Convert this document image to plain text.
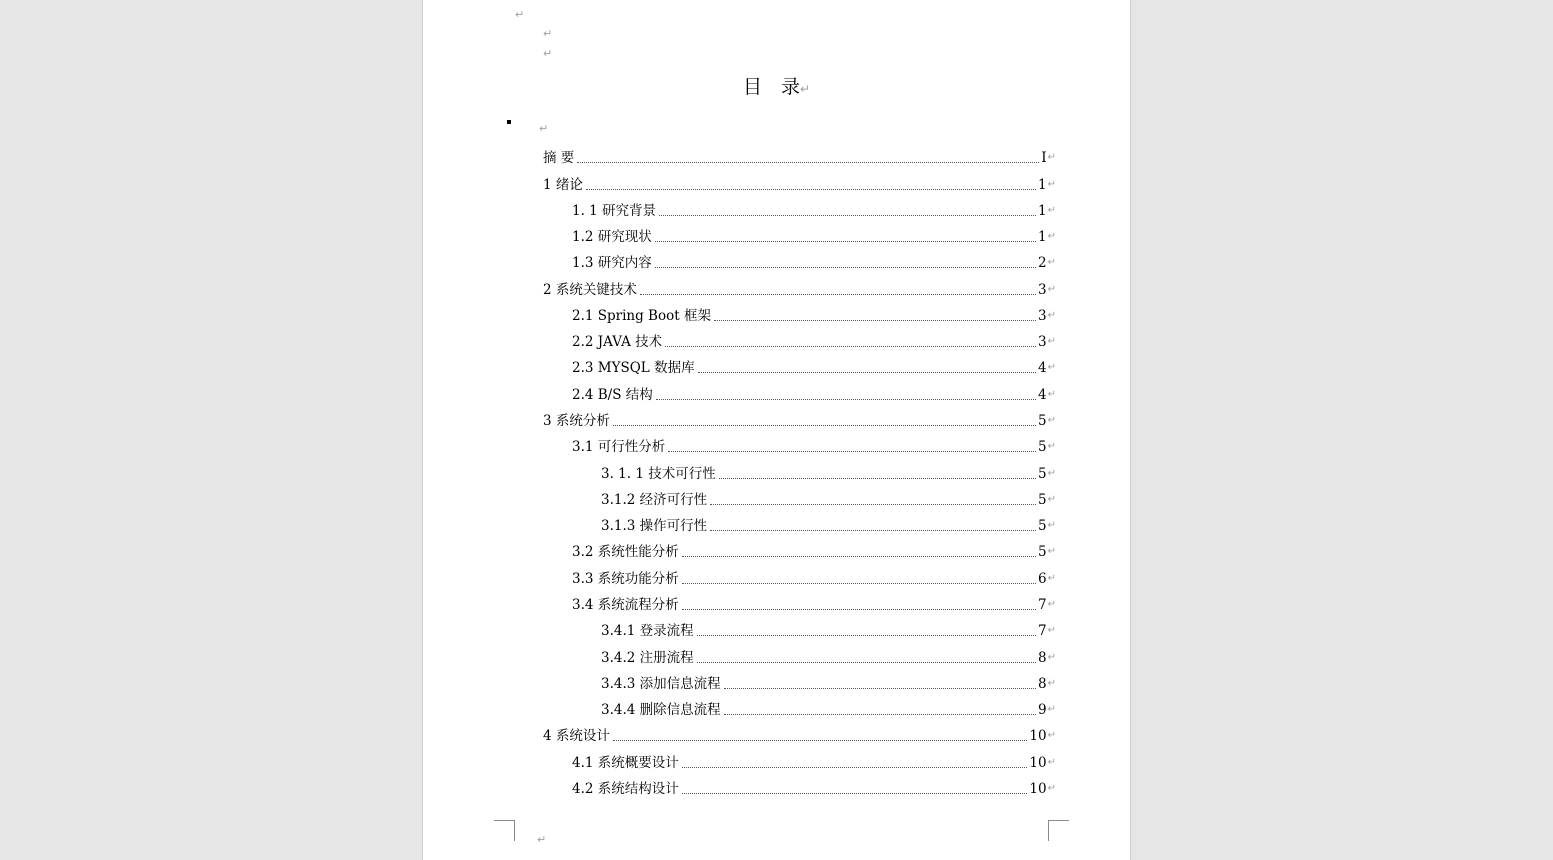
↵
↵
↵
目　录↵
↵
摘 要	I ↵
1 绪论	1 ↵
1. 1 研究背景	1 ↵
1.2 研究现状	1 ↵
1.3 研究内容	2 ↵
2 系统关键技术	3 ↵
2.1 Spring Boot 框架	3 ↵
2.2 JAVA 技术	3 ↵
2.3 MYSQL 数据库	4 ↵
2.4 B/S 结构	4 ↵
3 系统分析	5 ↵
3.1 可行性分析	5 ↵
3. 1. 1 技术可行性	5 ↵
3.1.2 经济可行性	5 ↵
3.1.3 操作可行性	5 ↵
3.2 系统性能分析	5 ↵
3.3 系统功能分析	6 ↵
3.4 系统流程分析	7 ↵
3.4.1 登录流程	7 ↵
3.4.2 注册流程	8 ↵
3.4.3 添加信息流程	8 ↵
3.4.4 删除信息流程	9 ↵
4 系统设计	10 ↵
4.1 系统概要设计	10 ↵
4.2 系统结构设计	10 ↵
↵
